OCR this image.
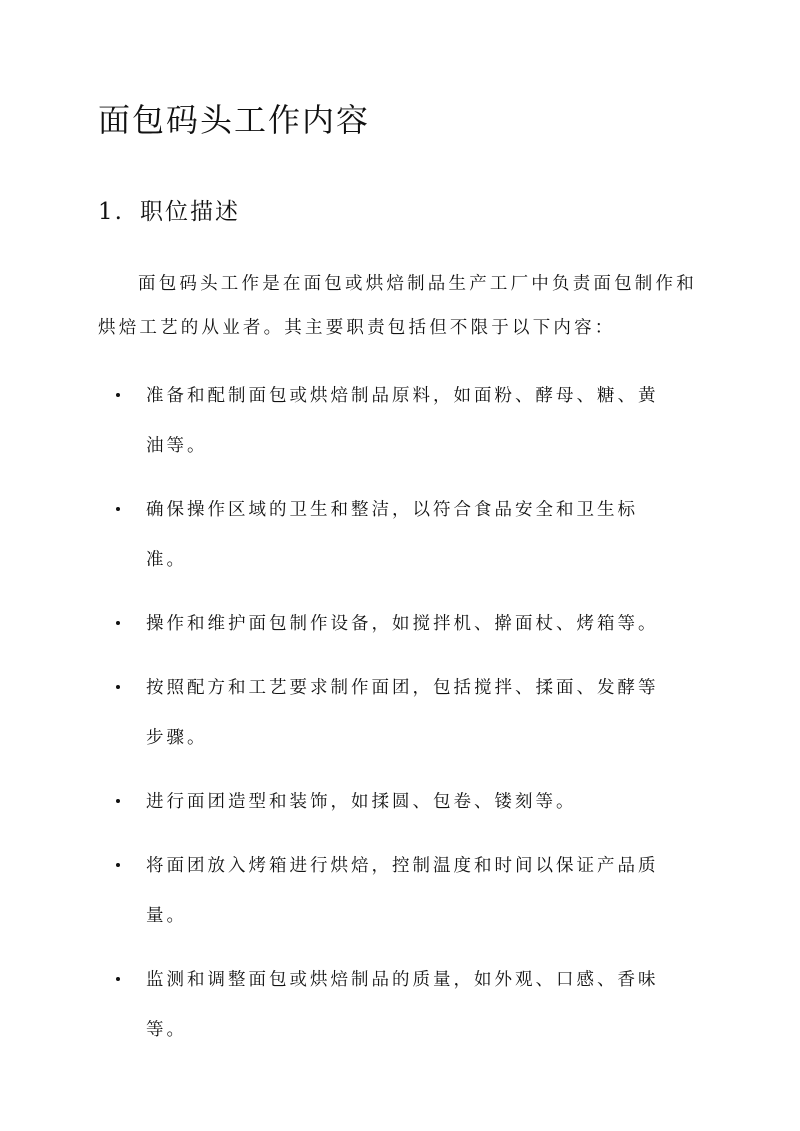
面包码头工作内容
1. 职位描述

面包码头工作是在面包或烘焙制品生产工厂中负责面包制作和烘焙工艺的从业者。其主要职责包括但不限于以下内容：

准备和配制面包或烘焙制品原料，如面粉、酵母、糖、黄油等。
确保操作区域的卫生和整洁，以符合食品安全和卫生标准。
操作和维护面包制作设备，如搅拌机、擀面杖、烤箱等。
按照配方和工艺要求制作面团，包括搅拌、揉面、发酵等步骤。
进行面团造型和装饰，如揉圆、包卷、镂刻等。
将面团放入烤箱进行烘焙，控制温度和时间以保证产品质量。
监测和调整面包或烘焙制品的质量，如外观、口感、香味等。
